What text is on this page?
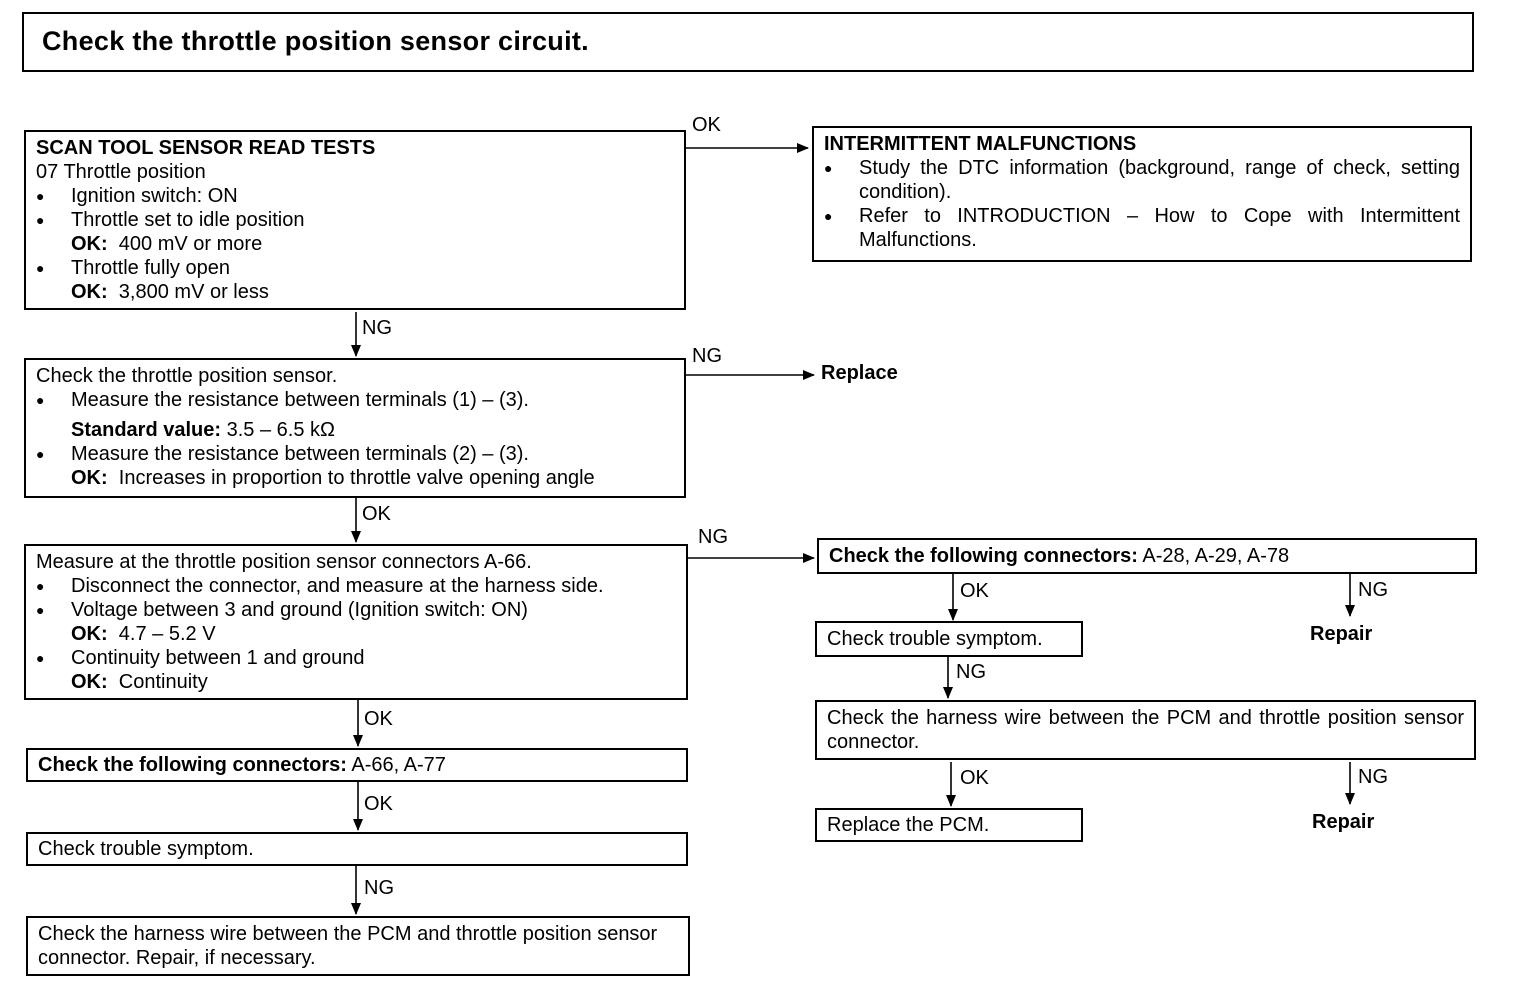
Check the throttle position sensor circuit.
OK
NG
NG
OK
NG
OK
OK
NG
OK	NG
NG
OK	NG
Replace
Repair
Repair
SCAN TOOL SENSOR READ TESTS
07 Throttle position
● Ignition switch: ON
● Throttle set to idle position
OK: 400 mV or more
● Throttle fully open
OK: 3,800 mV or less
INTERMITTENT MALFUNCTIONS
● Study the DTC information (background, range of check, setting condition).
● Refer to INTRODUCTION – How to Cope with Intermittent Malfunctions.
Check the throttle position sensor.
● Measure the resistance between terminals (1) – (3).
Standard value: 3.5 – 6.5 kΩ
● Measure the resistance between terminals (2) – (3).
OK: Increases in proportion to throttle valve opening angle
Measure at the throttle position sensor connectors A-66.
● Disconnect the connector, and measure at the harness side.
● Voltage between 3 and ground (Ignition switch: ON)
OK: 4.7 – 5.2 V
● Continuity between 1 and ground
OK: Continuity
Check the following connectors: A-66, A-77
Check trouble symptom.
Check the harness wire between the PCM and throttle position sensor connector. Repair, if necessary.
Check the following connectors: A-28, A-29, A-78
Check trouble symptom.
Check the harness wire between the PCM and throttle position sensor connector.
Replace the PCM.
